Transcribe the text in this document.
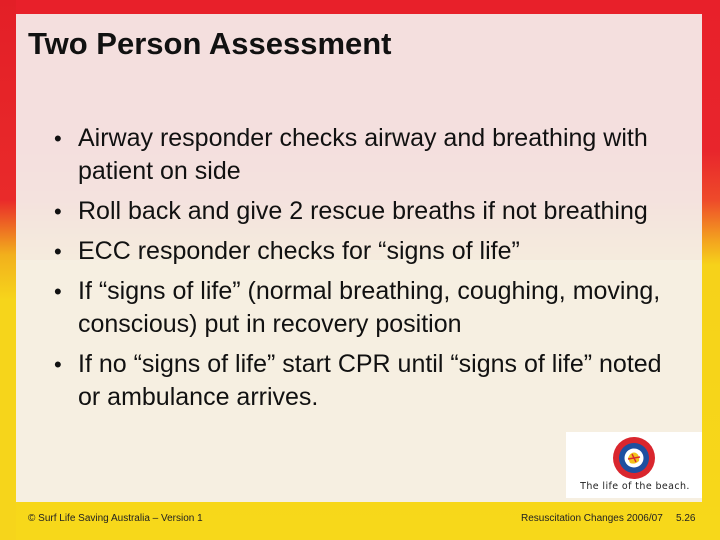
Two Person Assessment
• Airway responder checks airway and breathing with patient on side
• Roll back and give 2 rescue breaths if not breathing
• ECC responder checks for “signs of life”
• If “signs of life” (normal breathing, coughing, moving, conscious) put in recovery position
• If no “signs of life” start CPR until “signs of life” noted or ambulance arrives.
The life of the beach.
© Surf Life Saving Australia – Version 1	Resuscitation Changes 2006/07 5.26
